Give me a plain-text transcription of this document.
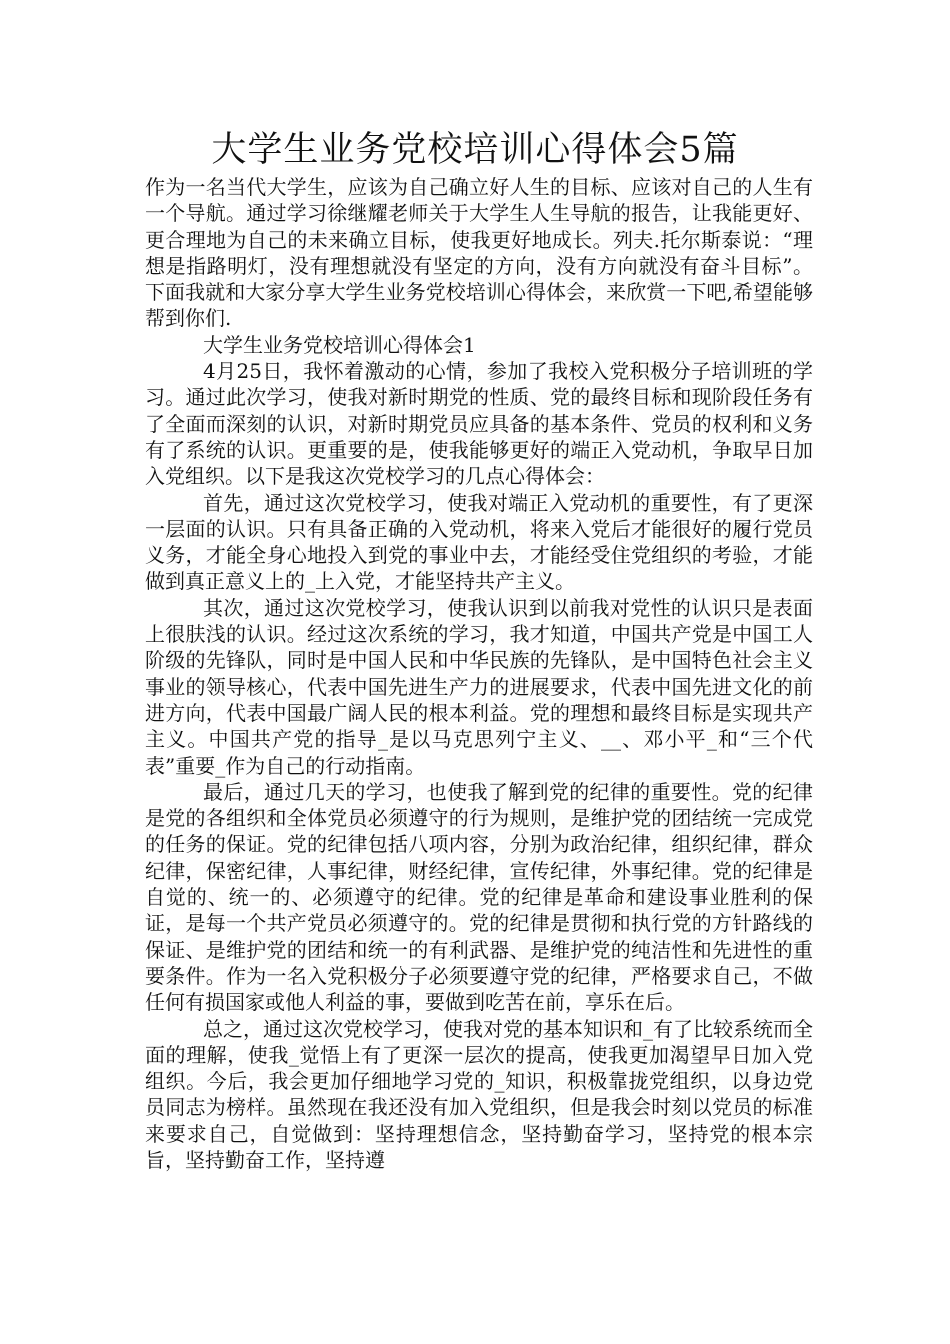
大学生业务党校培训心得体会5篇

作为一名当代大学生，应该为自己确立好人生的目标、应该对自己的人生有一个导航。通过学习徐继耀老师关于大学生人生导航的报告，让我能更好、更合理地为自己的未来确立目标，使我更好地成长。列夫.托尔斯泰说：“理想是指路明灯，没有理想就没有坚定的方向，没有方向就没有奋斗目标”。下面我就和大家分享大学生业务党校培训心得体会，来欣赏一下吧,希望能够帮到你们.

大学生业务党校培训心得体会1

4月25日，我怀着激动的心情，参加了我校入党积极分子培训班的学习。通过此次学习，使我对新时期党的性质、党的最终目标和现阶段任务有了全面而深刻的认识，对新时期党员应具备的基本条件、党员的权利和义务有了系统的认识。更重要的是，使我能够更好的端正入党动机，争取早日加入党组织。以下是我这次党校学习的几点心得体会：

首先，通过这次党校学习，使我对端正入党动机的重要性，有了更深一层面的认识。只有具备正确的入党动机，将来入党后才能很好的履行党员义务，才能全身心地投入到党的事业中去，才能经受住党组织的考验，才能做到真正意义上的_上入党，才能坚持共产主义。

其次，通过这次党校学习，使我认识到以前我对党性的认识只是表面上很肤浅的认识。经过这次系统的学习，我才知道，中国共产党是中国工人阶级的先锋队，同时是中国人民和中华民族的先锋队，是中国特色社会主义事业的领导核心，代表中国先进生产力的进展要求，代表中国先进文化的前进方向，代表中国最广阔人民的根本利益。党的理想和最终目标是实现共产主义。中国共产党的指导_是以马克思列宁主义、__、邓小平_和“三个代表”重要_作为自己的行动指南。

最后，通过几天的学习，也使我了解到党的纪律的重要性。党的纪律是党的各组织和全体党员必须遵守的行为规则，是维护党的团结统一完成党的任务的保证。党的纪律包括八项内容，分别为政治纪律，组织纪律，群众纪律，保密纪律，人事纪律，财经纪律，宣传纪律，外事纪律。党的纪律是自觉的、统一的、必须遵守的纪律。党的纪律是革命和建设事业胜利的保证，是每一个共产党员必须遵守的。党的纪律是贯彻和执行党的方针路线的保证、是维护党的团结和统一的有利武器、是维护党的纯洁性和先进性的重要条件。作为一名入党积极分子必须要遵守党的纪律，严格要求自己，不做任何有损国家或他人利益的事，要做到吃苦在前，享乐在后。

总之，通过这次党校学习，使我对党的基本知识和_有了比较系统而全面的理解，使我_觉悟上有了更深一层次的提高，使我更加渴望早日加入党组织。今后，我会更加仔细地学习党的_知识，积极靠拢党组织，以身边党员同志为榜样。虽然现在我还没有加入党组织，但是我会时刻以党员的标准来要求自己，自觉做到：坚持理想信念，坚持勤奋学习，坚持党的根本宗旨，坚持勤奋工作，坚持遵
